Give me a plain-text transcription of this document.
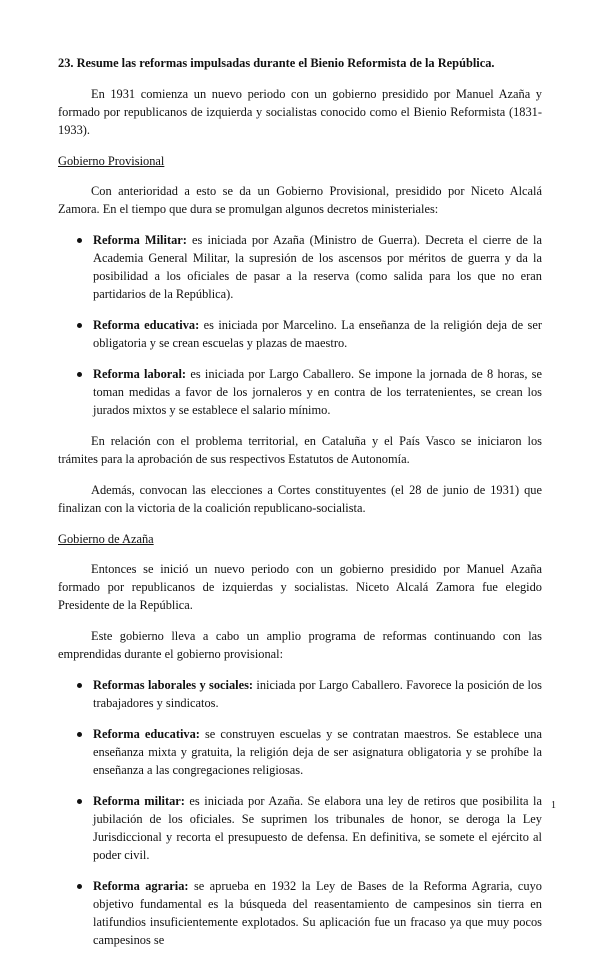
23. Resume las reformas impulsadas durante el Bienio Reformista de la República.

En 1931 comienza un nuevo periodo con un gobierno presidido por Manuel Azaña y formado por republicanos de izquierda y socialistas conocido como el Bienio Reformista (1831-1933).

Gobierno Provisional

Con anterioridad a esto se da un Gobierno Provisional, presidido por Niceto Alcalá Zamora. En el tiempo que dura se promulgan algunos decretos ministeriales:

Reforma Militar: es iniciada por Azaña (Ministro de Guerra). Decreta el cierre de la Academia General Militar, la supresión de los ascensos por méritos de guerra y da la posibilidad a los oficiales de pasar a la reserva (como salida para los que no eran partidarios de la República).
Reforma educativa: es iniciada por Marcelino. La enseñanza de la religión deja de ser obligatoria y se crean escuelas y plazas de maestro.
Reforma laboral: es iniciada por Largo Caballero. Se impone la jornada de 8 horas, se toman medidas a favor de los jornaleros y en contra de los terratenientes, se crean los jurados mixtos y se establece el salario mínimo.

En relación con el problema territorial, en Cataluña y el País Vasco se iniciaron los trámites para la aprobación de sus respectivos Estatutos de Autonomía.

Además, convocan las elecciones a Cortes constituyentes (el 28 de junio de 1931) que finalizan con la victoria de la coalición republicano-socialista.

Gobierno de Azaña

Entonces se inició un nuevo periodo con un gobierno presidido por Manuel Azaña formado por republicanos de izquierdas y socialistas. Niceto Alcalá Zamora fue elegido Presidente de la República.

Este gobierno lleva a cabo un amplio programa de reformas continuando con las emprendidas durante el gobierno provisional:

Reformas laborales y sociales: iniciada por Largo Caballero. Favorece la posición de los trabajadores y sindicatos.
Reforma educativa: se construyen escuelas y se contratan maestros. Se establece una enseñanza mixta y gratuita, la religión deja de ser asignatura obligatoria y se prohíbe la enseñanza a las congregaciones religiosas.
Reforma militar: es iniciada por Azaña. Se elabora una ley de retiros que posibilita la jubilación de los oficiales. Se suprimen los tribunales de honor, se deroga la Ley Jurisdiccional y recorta el presupuesto de defensa. En definitiva, se somete el ejército al poder civil.
Reforma agraria: se aprueba en 1932 la Ley de Bases de la Reforma Agraria, cuyo objetivo fundamental es la búsqueda del reasentamiento de campesinos sin tierra en latifundios insuficientemente explotados. Su aplicación fue un fracaso ya que muy pocos campesinos se
1
